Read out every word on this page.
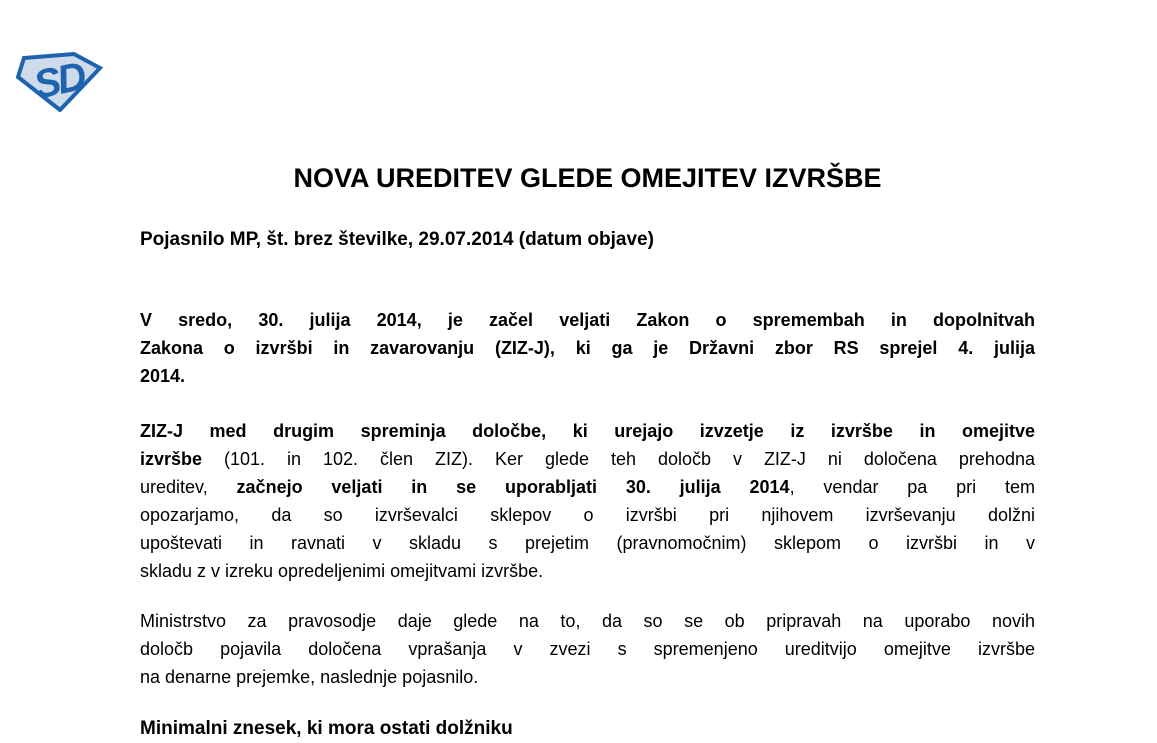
SD
NOVA UREDITEV GLEDE OMEJITEV IZVRŠBE

Pojasnilo MP, št. brez številke, 29.07.2014 (datum objave)

V sredo, 30. julija 2014, je začel veljati Zakon o spremembah in dopolnitvah
Zakona o izvršbi in zavarovanju (ZIZ-J), ki ga je Državni zbor RS sprejel 4. julija
2014.
ZIZ-J med drugim spreminja določbe, ki urejajo izvzetje iz izvršbe in omejitve
izvršbe (101. in 102. člen ZIZ). Ker glede teh določb v ZIZ-J ni določena prehodna
ureditev, začnejo veljati in se uporabljati 30. julija 2014, vendar pa pri tem
opozarjamo, da so izvrševalci sklepov o izvršbi pri njihovem izvrševanju dolžni
upoštevati in ravnati v skladu s prejetim (pravnomočnim) sklepom o izvršbi in v
skladu z v izreku opredeljenimi omejitvami izvršbe.
Ministrstvo za pravosodje daje glede na to, da so se ob pripravah na uporabo novih
določb pojavila določena vprašanja v zvezi s spremenjeno ureditvijo omejitve izvršbe
na denarne prejemke, naslednje pojasnilo.
Minimalni znesek, ki mora ostati dolžniku
